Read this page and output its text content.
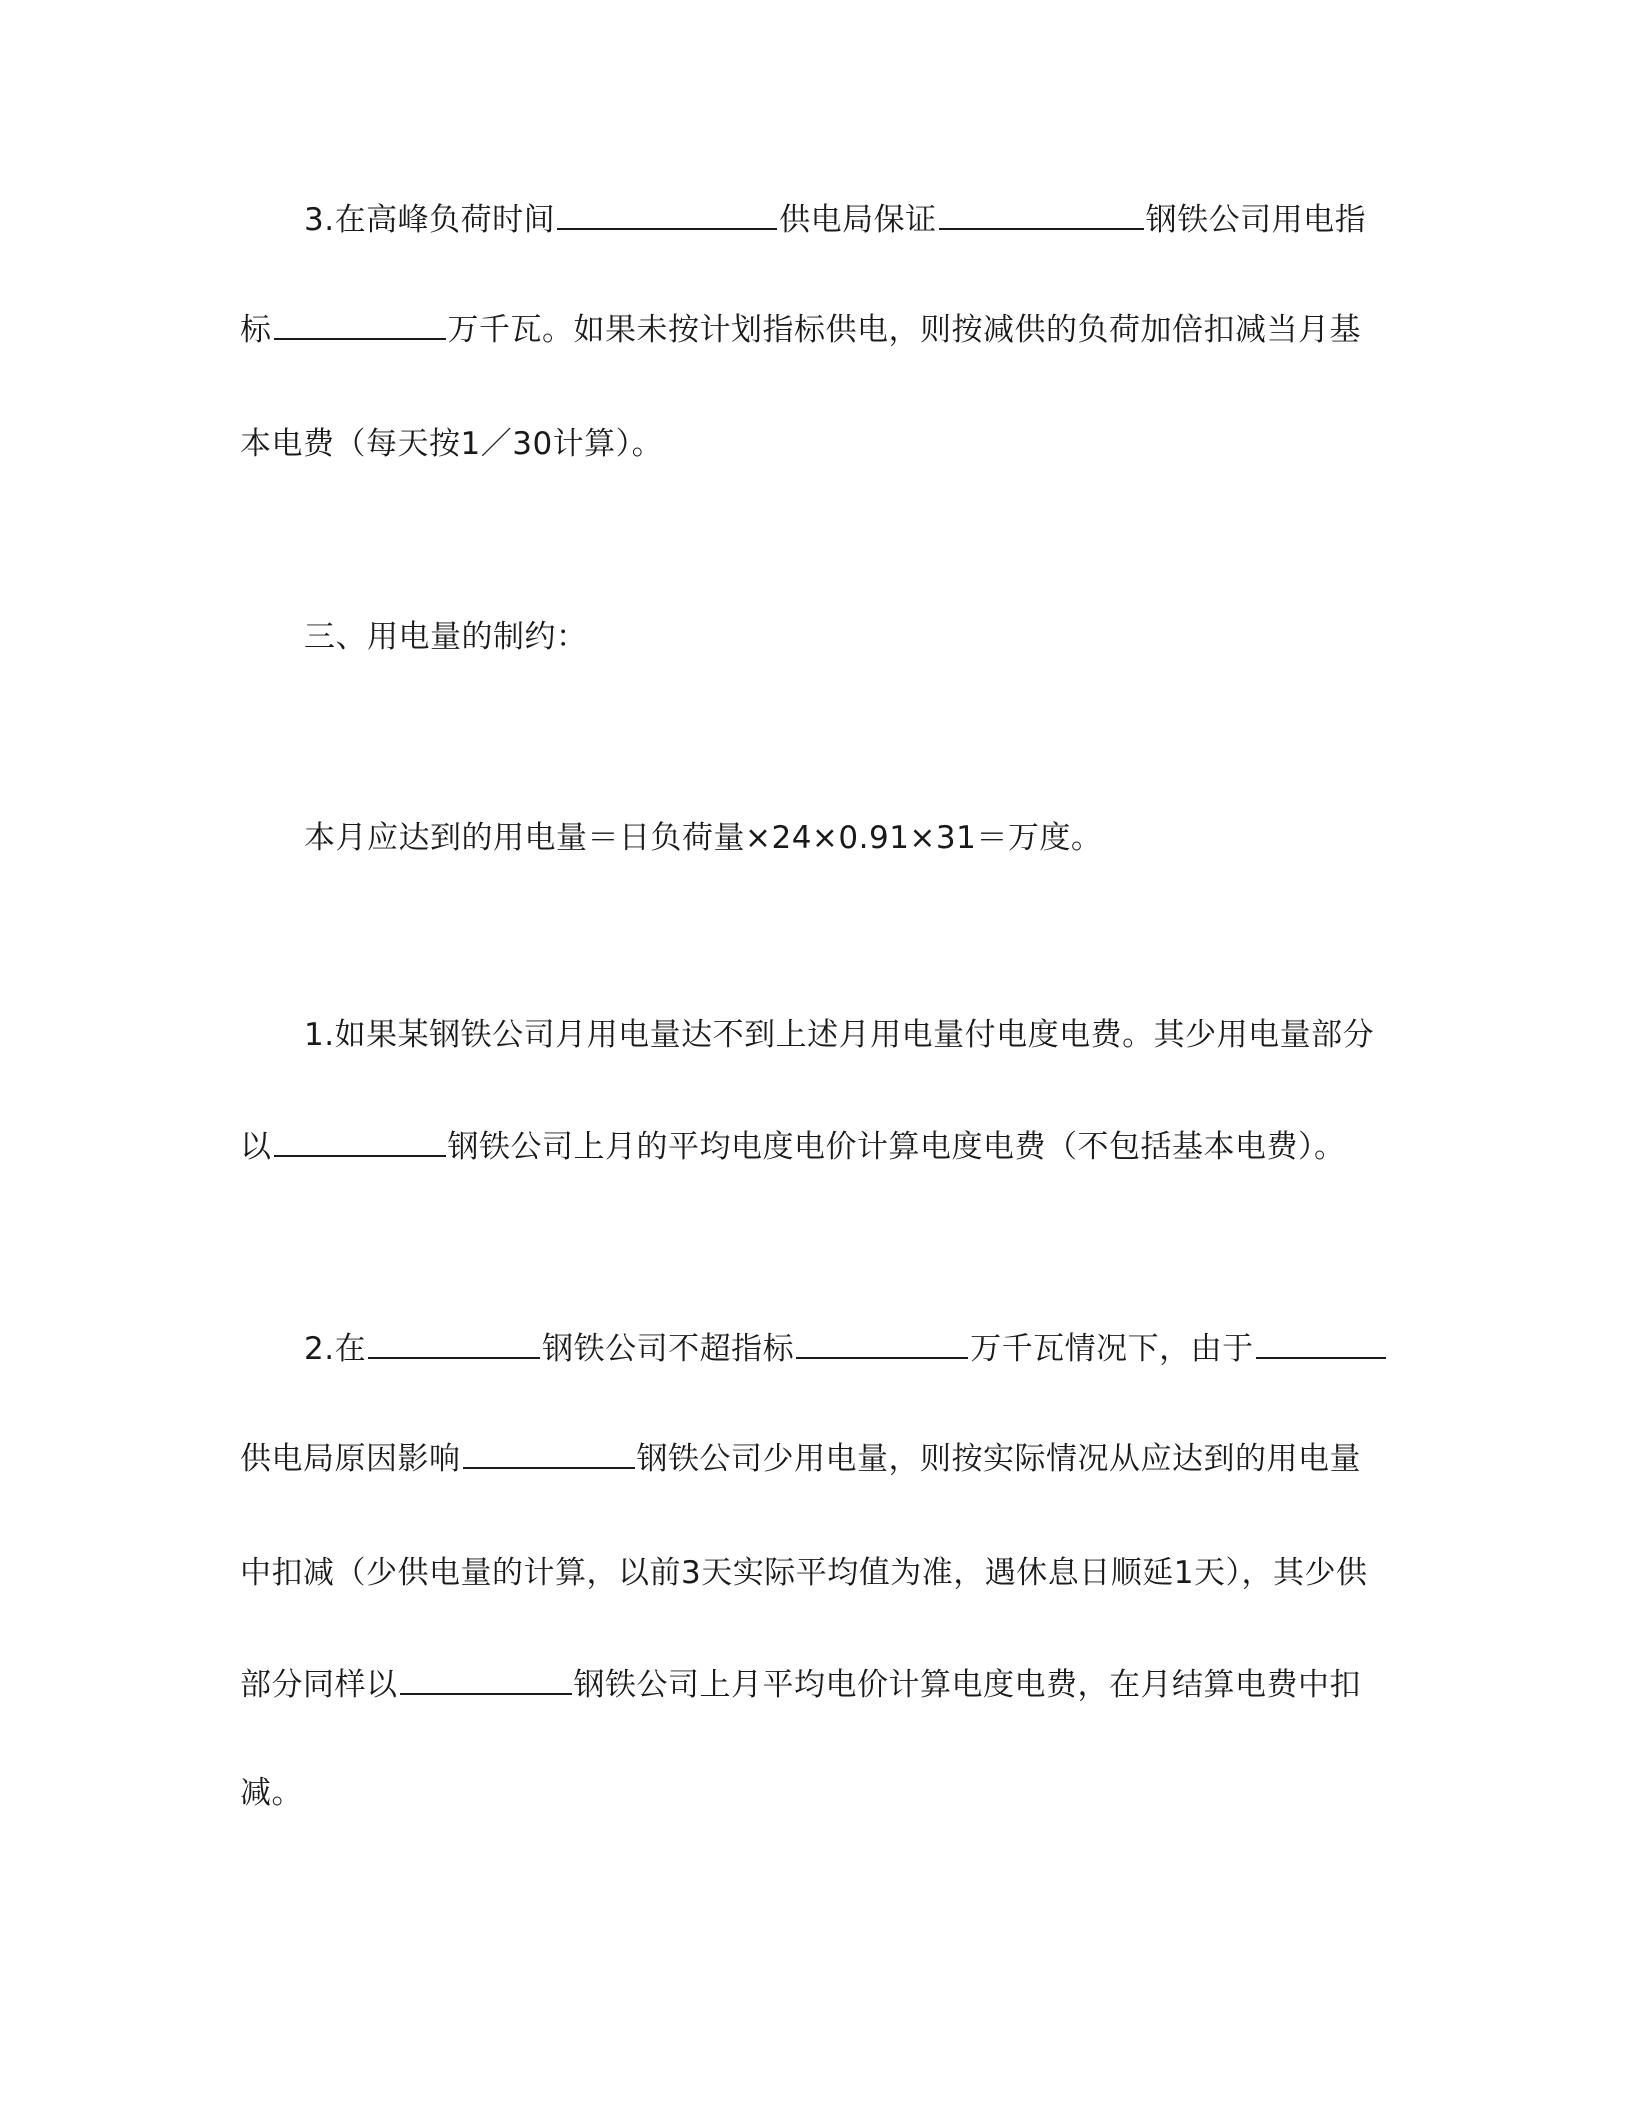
3.在高峰负荷时间	供电局保证	钢铁公司用电指
标	万千瓦。如果未按计划指标供电，则按减供的负荷加倍扣减当月基
本电费（每天按1／30计算）。
三、用电量的制约：
本月应达到的用电量＝日负荷量×24×0.91×31＝万度。
1.如果某钢铁公司月用电量达不到上述月用电量付电度电费。其少用电量部分
以	钢铁公司上月的平均电度电价计算电度电费（不包括基本电费）。
2.在	钢铁公司不超指标	万千瓦情况下，由于
供电局原因影响	钢铁公司少用电量，则按实际情况从应达到的用电量
中扣减（少供电量的计算，以前3天实际平均值为准，遇休息日顺延1天），其少供
部分同样以	钢铁公司上月平均电价计算电度电费，在月结算电费中扣
减。
